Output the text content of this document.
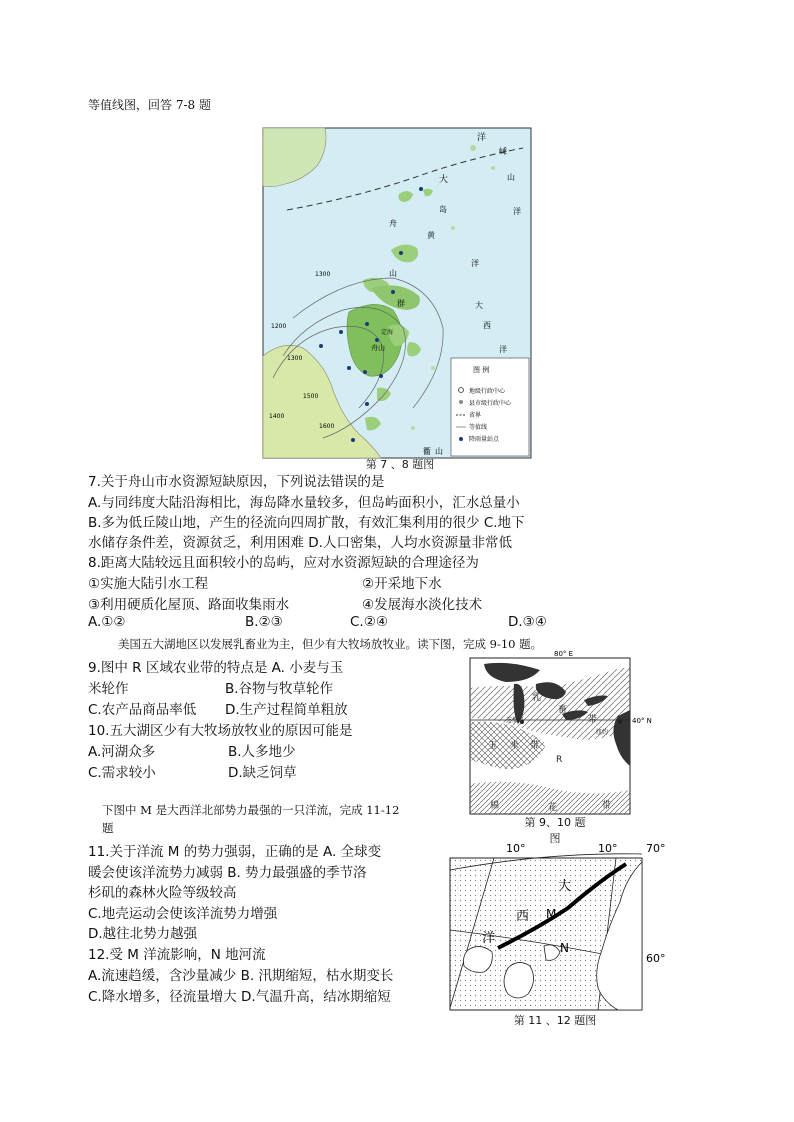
等值线图，回答 7-8 题
大
洋
嵊
山
洋
舟
山
群
岛
黄
洋
大
西
洋
衢 山
舟山
定海
1300
1300
1400
1200
1500
1600
图 例
地级行政中心
县市级行政中心
省界
等值线
降雨量站点
第 7 、8 题图
7.关于舟山市水资源短缺原因，下列说法错误的是
A.与同纬度大陆沿海相比，海岛降水量较多，但岛屿面积小，汇水总量小
B.多为低丘陵山地，产生的径流向四周扩散，有效汇集利用的很少 C.地下
水储存条件差，资源贫乏，利用困难 D.人口密集，人均水资源量非常低
8.距离大陆较远且面积较小的岛屿，应对水资源短缺的合理途径为
①实施大陆引水工程	②开采地下水
③利用硬质化屋顶、路面收集雨水	④发展海水淡化技术
A.①②	B.②③	C.②④	D.③④
美国五大湖地区以发展乳畜业为主，但少有大牧场放牧业。读下图，完成 9-10 题。
9.图中 R 区域农业带的特点是 A. 小麦与玉
米轮作	B.谷物与牧草轮作
C.农产品商品率低 D.生产过程简单粗放
10.五大湖区少有大牧场放牧业的原因可能是
A.河湖众多	B.人多地少
C.需求较小	D.缺乏饲草
80° E
40° N
乳
畜
带
芝加哥
纽约
玉 米 带
R
棉	花	带
第 9、10 题
图
下图中 M 是大西洋北部势力最强的一只洋流，完成 11-12
题
11.关于洋流 M 的势力强弱，正确的是 A. 全球变
暖会使该洋流势力减弱 B. 势力最强盛的季节洛
杉矶的森林火险等级较高
C.地壳运动会使该洋流势力增强
D.越往北势力越强
12.受 M 洋流影响，N 地河流
A.流速趋缓，含沙量减少 B. 汛期缩短，枯水期变长
C.降水增多，径流量增大 D.气温升高，结冰期缩短
10°	10°	70°
60°
大
西 M
洋
N
第 11 、12 题图
